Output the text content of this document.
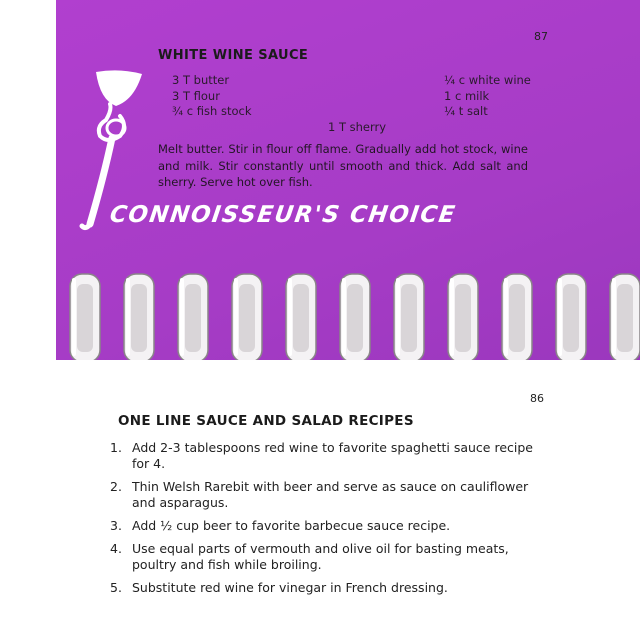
87
WHITE WINE SAUCE
3 T butter
3 T flour
¾ c fish stock
¼ c white wine
1 c milk
¼ t salt
1 T sherry
Melt butter. Stir in flour off flame. Gradually add hot stock, wine and milk. Stir constantly until smooth and thick. Add salt and sherry. Serve hot over fish.
CONNOISSEUR'S CHOICE
86
ONE LINE SAUCE AND SALAD RECIPES
1. Add 2-3 tablespoons red wine to favorite spaghetti sauce recipe for 4.
2. Thin Welsh Rarebit with beer and serve as sauce on cauliflower and asparagus.
3. Add ½ cup beer to favorite barbecue sauce recipe.
4. Use equal parts of vermouth and olive oil for basting meats, poultry and fish while broiling.
5. Substitute red wine for vinegar in French dressing.
